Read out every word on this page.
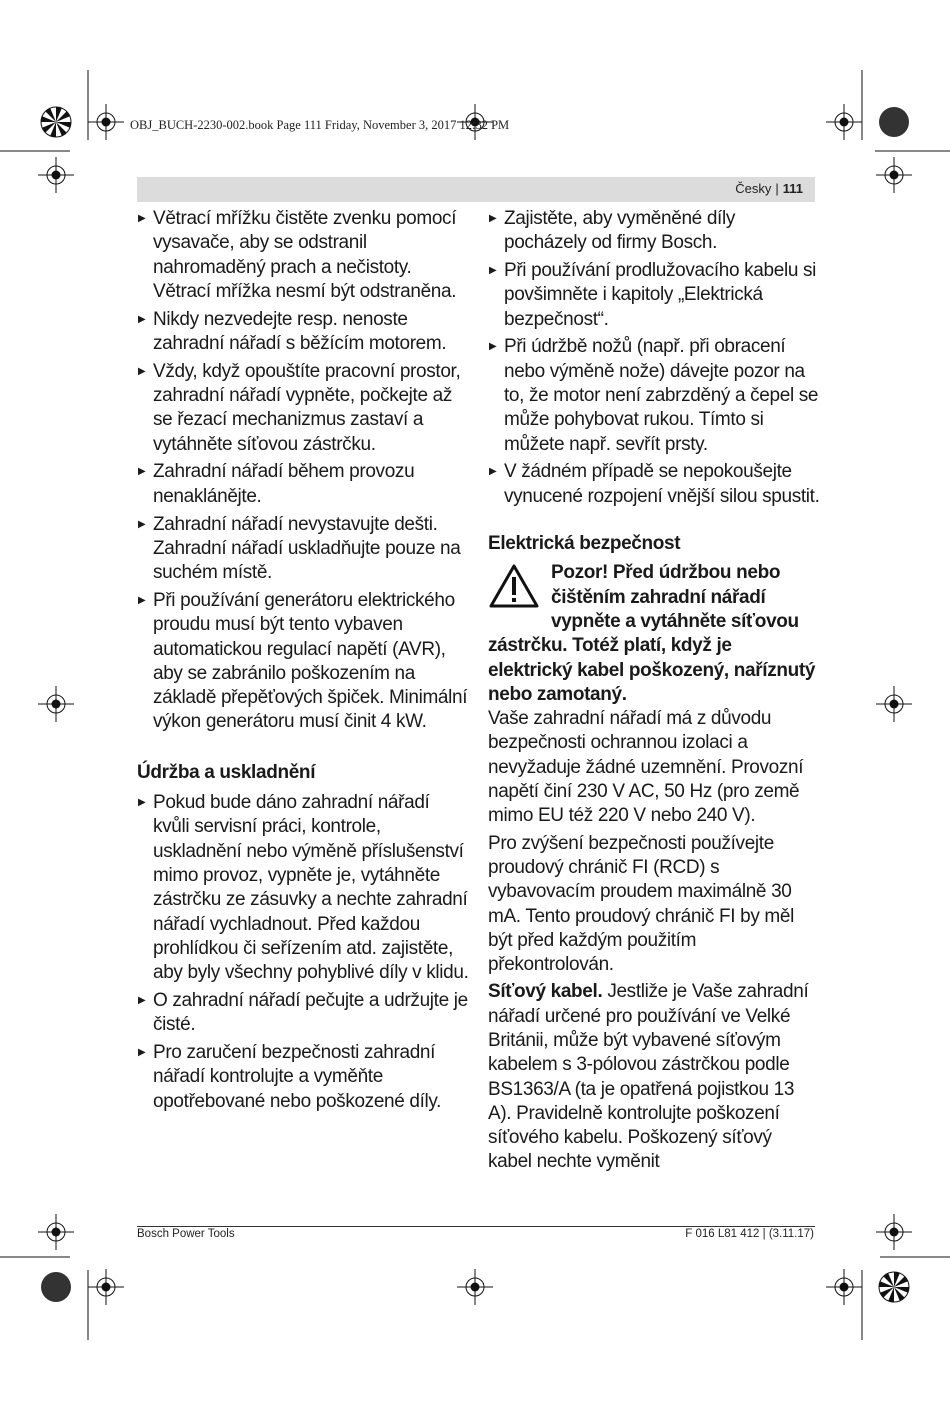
OBJ_BUCH-2230-002.book Page 111 Friday, November 3, 2017 12:32 PM
Česky | 111
▶ Větrací mřížku čistěte zvenku pomocí vysavače, aby se odstranil nahromaděný prach a nečistoty. Větrací mřížka nesmí být odstraněna.
▶ Nikdy nezvedejte resp. nenoste zahradní nářadí s běžícím motorem.
▶ Vždy, když opouštíte pracovní prostor, zahradní nářadí vypněte, počkejte až se řezací mechanizmus zastaví a vytáhněte síťovou zástrčku.
▶ Zahradní nářadí během provozu nenaklánějte.
▶ Zahradní nářadí nevystavujte dešti. Zahradní nářadí uskladňujte pouze na suchém místě.
▶ Při používání generátoru elektrického proudu musí být tento vybaven automatickou regulací napětí (AVR), aby se zabránilo poškozením na základě přepěťových špiček. Minimální výkon generátoru musí činit 4 kW.
Údržba a uskladnění
▶ Pokud bude dáno zahradní nářadí kvůli servisní práci, kontrole, uskladnění nebo výměně příslušenství mimo provoz, vypněte je, vytáhněte zástrčku ze zásuvky a nechte zahradní nářadí vychladnout. Před každou prohlídkou či seřízením atd. zajistěte, aby byly všechny pohyblivé díly v klidu.
▶ O zahradní nářadí pečujte a udržujte je čisté.
▶ Pro zaručení bezpečnosti zahradní nářadí kontrolujte a vyměňte opotřebované nebo poškozené díly.
▶ Zajistěte, aby vyměněné díly pocházely od firmy Bosch.
▶ Při používání prodlužovacího kabelu si povšimněte i kapitoly „Elektrická bezpečnost“.
▶ Při údržbě nožů (např. při obracení nebo výměně nože) dávejte pozor na to, že motor není zabrzděný a čepel se může pohybovat rukou. Tímto si můžete např. sevřít prsty.
▶ V žádném případě se nepokoušejte vynucené rozpojení vnější silou spustit.
Elektrická bezpečnost
Pozor! Před údržbou nebo
čištěním zahradní nářadí
vypněte a vytáhněte síťovou
zástrčku. Totéž platí, když je elektrický kabel poškozený, naříznutý nebo zamotaný.

Vaše zahradní nářadí má z důvodu bezpečnosti ochrannou izolaci a nevyžaduje žádné uzemnění. Provozní napětí činí 230 V AC, 50 Hz (pro země mimo EU též 220 V nebo 240 V).

Pro zvýšení bezpečnosti používejte proudový chránič FI (RCD) s vybavovacím proudem maximálně 30 mA. Tento proudový chránič FI by měl být před každým použitím překontrolován.

Síťový kabel. Jestliže je Vaše zahradní nářadí určené pro používání ve Velké Británii, může být vybavené síťovým kabelem s 3-pólovou zástrčkou podle BS1363/A (ta je opatřená pojistkou 13 A). Pravidelně kontrolujte poškození síťového kabelu. Poškozený síťový kabel nechte vyměnit

Bosch Power Tools	F 016 L81 412 | (3.11.17)
